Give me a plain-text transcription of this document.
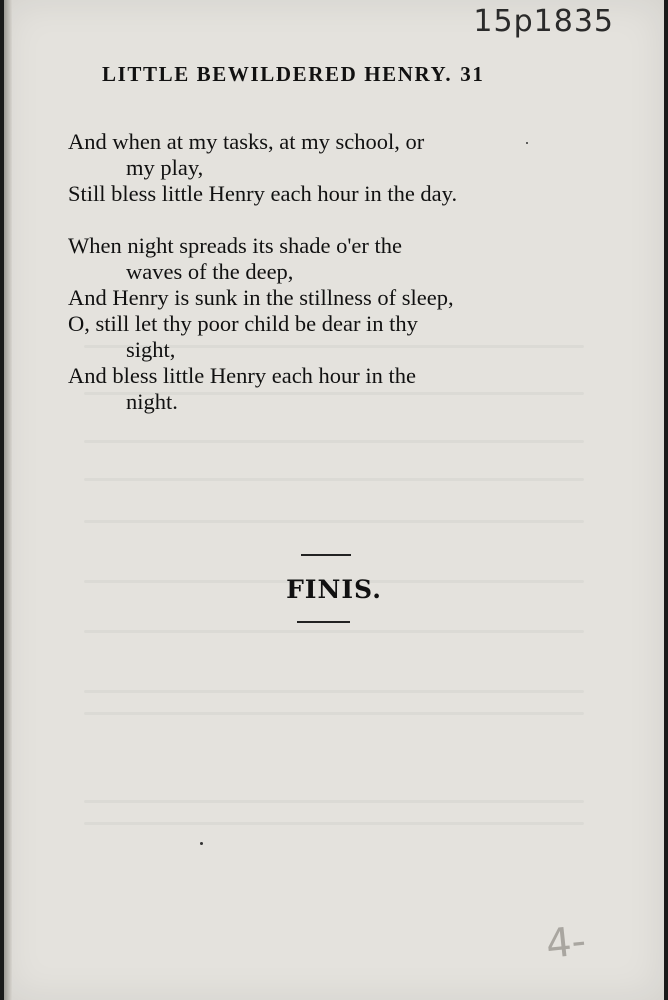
15p1835
LITTLE BEWILDERED HENRY. 31

And when at my tasks, at my school, or
my play,
Still bless little Henry each hour in the day.

When night spreads its shade o'er the
waves of the deep,
And Henry is sunk in the stillness of sleep,
O, still let thy poor child be dear in thy
sight,
And bless little Henry each hour in the
night.

FINIS.
4-
